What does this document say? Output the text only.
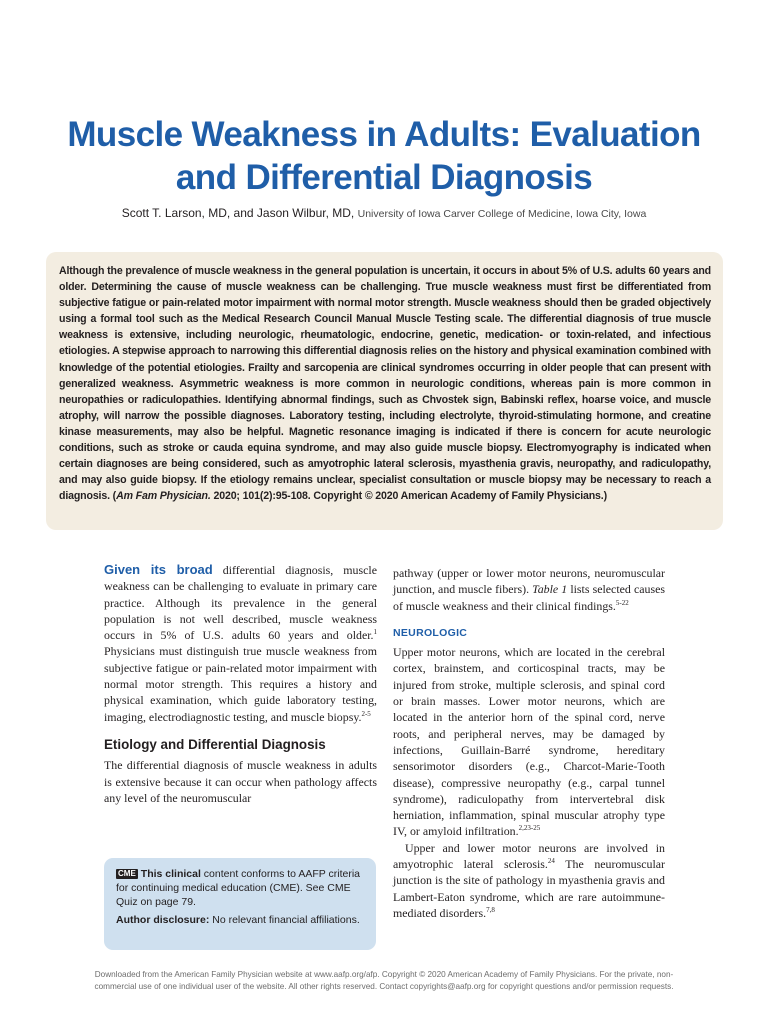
Muscle Weakness in Adults: Evaluation
and Differential Diagnosis
Scott T. Larson, MD, and Jason Wilbur, MD, University of Iowa Carver College of Medicine, Iowa City, Iowa

Although the prevalence of muscle weakness in the general population is uncertain, it occurs in about 5% of U.S. adults 60 years and older. Determining the cause of muscle weakness can be challenging. True muscle weakness must first be differentiated from subjective fatigue or pain-related motor impairment with normal motor strength. Muscle weakness should then be graded objectively using a formal tool such as the Medical Research Council Manual Muscle Testing scale. The differential diagnosis of true muscle weakness is extensive, including neurologic, rheumatologic, endocrine, genetic, medication- or toxin-related, and infectious etiologies. A stepwise approach to narrowing this differential diagnosis relies on the history and physical examination combined with knowledge of the potential etiologies. Frailty and sarcopenia are clinical syndromes occurring in older people that can present with generalized weakness. Asymmetric weakness is more common in neurologic conditions, whereas pain is more common in neuropathies or radiculopathies. Identifying abnormal findings, such as Chvostek sign, Babinski reflex, hoarse voice, and muscle atrophy, will narrow the possible diagnoses. Laboratory testing, including electrolyte, thyroid-stimulating hormone, and creatine kinase measurements, may also be helpful. Magnetic resonance imaging is indicated if there is concern for acute neurologic conditions, such as stroke or cauda equina syndrome, and may also guide muscle biopsy. Electromyography is indicated when certain diagnoses are being considered, such as amyotrophic lateral sclerosis, myasthenia gravis, neuropathy, and radiculopathy, and may also guide biopsy. If the etiology remains unclear, specialist consultation or muscle biopsy may be necessary to reach a diagnosis. (Am Fam Physician. 2020; 101(2):95-108. Copyright © 2020 American Academy of Family Physicians.)

Given its broad differential diagnosis, muscle weakness can be challenging to evaluate in primary care practice. Although its prevalence in the general population is not well described, muscle weakness occurs in 5% of U.S. adults 60 years and older.$^1$ Physicians must distinguish true muscle weakness from subjective fatigue or pain-related motor impairment with normal motor strength. This requires a history and physical examination, which guide laboratory testing, imaging, electrodiagnostic testing, and muscle biopsy.$^{2-5}$

Etiology and Differential Diagnosis

The differential diagnosis of muscle weakness in adults is extensive because it can occur when pathology affects any level of the neuromuscular

CME This clinical content conforms to AAFP criteria for continuing medical education (CME). See CME Quiz on page 79.

Author disclosure: No relevant financial affiliations.

pathway (upper or lower motor neurons, neuromuscular junction, and muscle fibers). Table 1 lists selected causes of muscle weakness and their clinical findings.$^{5-22}$

NEUROLOGIC

Upper motor neurons, which are located in the cerebral cortex, brainstem, and corticospinal tracts, may be injured from stroke, multiple sclerosis, and spinal cord or brain masses. Lower motor neurons, which are located in the anterior horn of the spinal cord, nerve roots, and peripheral nerves, may be damaged by infections, Guillain-Barré syndrome, hereditary sensorimotor disorders (e.g., Charcot-Marie-Tooth disease), compressive neuropathy (e.g., carpal tunnel syndrome), radiculopathy from intervertebral disk herniation, inflammation, spinal muscular atrophy type IV, or amyloid infiltration.$^{2,23-25}$

Upper and lower motor neurons are involved in amyotrophic lateral sclerosis.$^{24}$ The neuromuscular junction is the site of pathology in myasthenia gravis and Lambert-Eaton syndrome, which are rare autoimmune-mediated disorders.$^{7,8}$

Downloaded from the American Family Physician website at www.aafp.org/afp. Copyright © 2020 American Academy of Family Physicians. For the private, non-

commercial use of one individual user of the website. All other rights reserved. Contact copyrights@aafp.org for copyright questions and/or permission requests.
